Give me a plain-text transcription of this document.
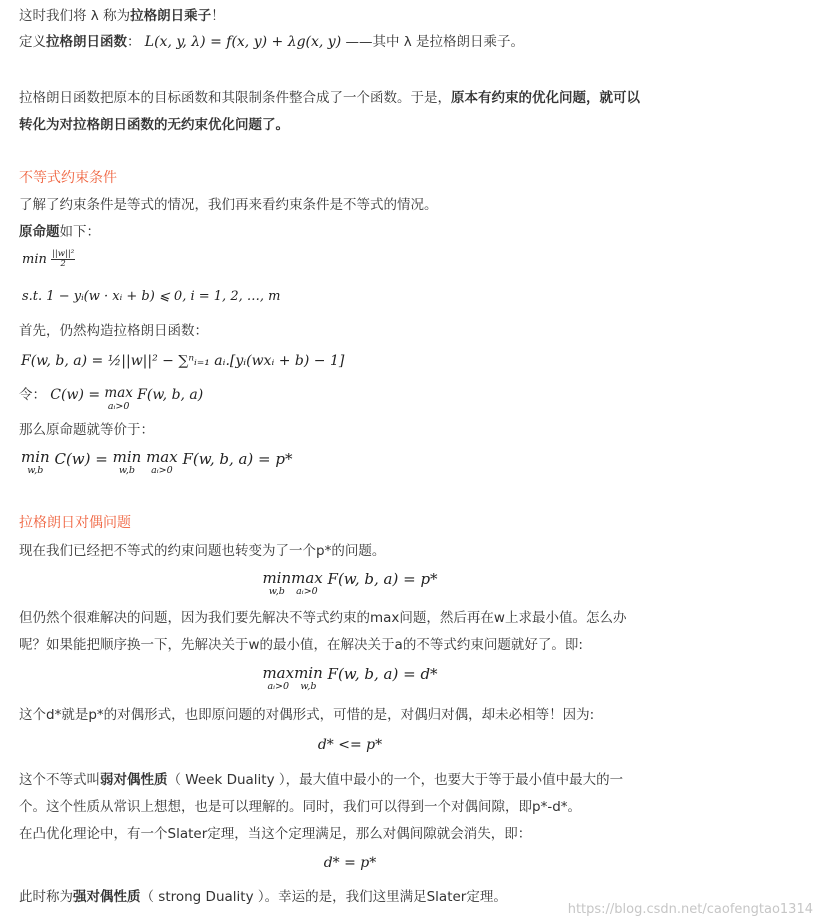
这时我们将 λ 称为拉格朗日乘子！
定义拉格朗日函数： L(x, y, λ) = f(x, y) + λg(x, y) ——其中 λ 是拉格朗日乘子。
拉格朗日函数把原本的目标函数和其限制条件整合成了一个函数。于是，原本有约束的优化问题，就可以
转化为对拉格朗日函数的无约束优化问题了。
不等式约束条件
了解了约束条件是等式的情况，我们再来看约束条件是不等式的情况。
原命题如下：
$\min \frac{\text{||w||²}}{2}$
s.t. 1 − yᵢ(w · xᵢ + b) ⩽ 0, i = 1, 2, …, m
首先，仍然构造拉格朗日函数：
F(w, b, a) = ½||w||² − ∑ⁿᵢ₌₁ aᵢ.[yᵢ(wxᵢ + b) − 1]
令： C(w) = max
aᵢ>0
F(w, b, a)
那么原命题就等价于：
min
w,b
C(w) = min
w,b
max
aᵢ>0
F(w, b, a) = p*
拉格朗日对偶问题
现在我们已经把不等式的约束问题也转变为了一个p*的问题。
min
w,b
max
aᵢ>0
F(w, b, a) = p*
但仍然个很难解决的问题，因为我们要先解决不等式约束的max问题，然后再在w上求最小值。怎么办
呢？如果能把顺序换一下，先解决关于w的最小值，在解决关于a的不等式约束问题就好了。即:
max
aᵢ>0
min
w,b
F(w, b, a) = d*
这个d*就是p*的对偶形式，也即原问题的对偶形式，可惜的是，对偶归对偶，却未必相等！因为:
d* <= p*
这个不等式叫弱对偶性质（ Week Duality ），最大值中最小的一个，也要大于等于最小值中最大的一
个。这个性质从常识上想想，也是可以理解的。同时，我们可以得到一个对偶间隙，即p*-d*。
在凸优化理论中，有一个Slater定理，当这个定理满足，那么对偶间隙就会消失，即：
d* = p*
此时称为强对偶性质（ strong Duality ）。幸运的是，我们这里满足Slater定理。
https://blog.csdn.net/caofengtao1314
